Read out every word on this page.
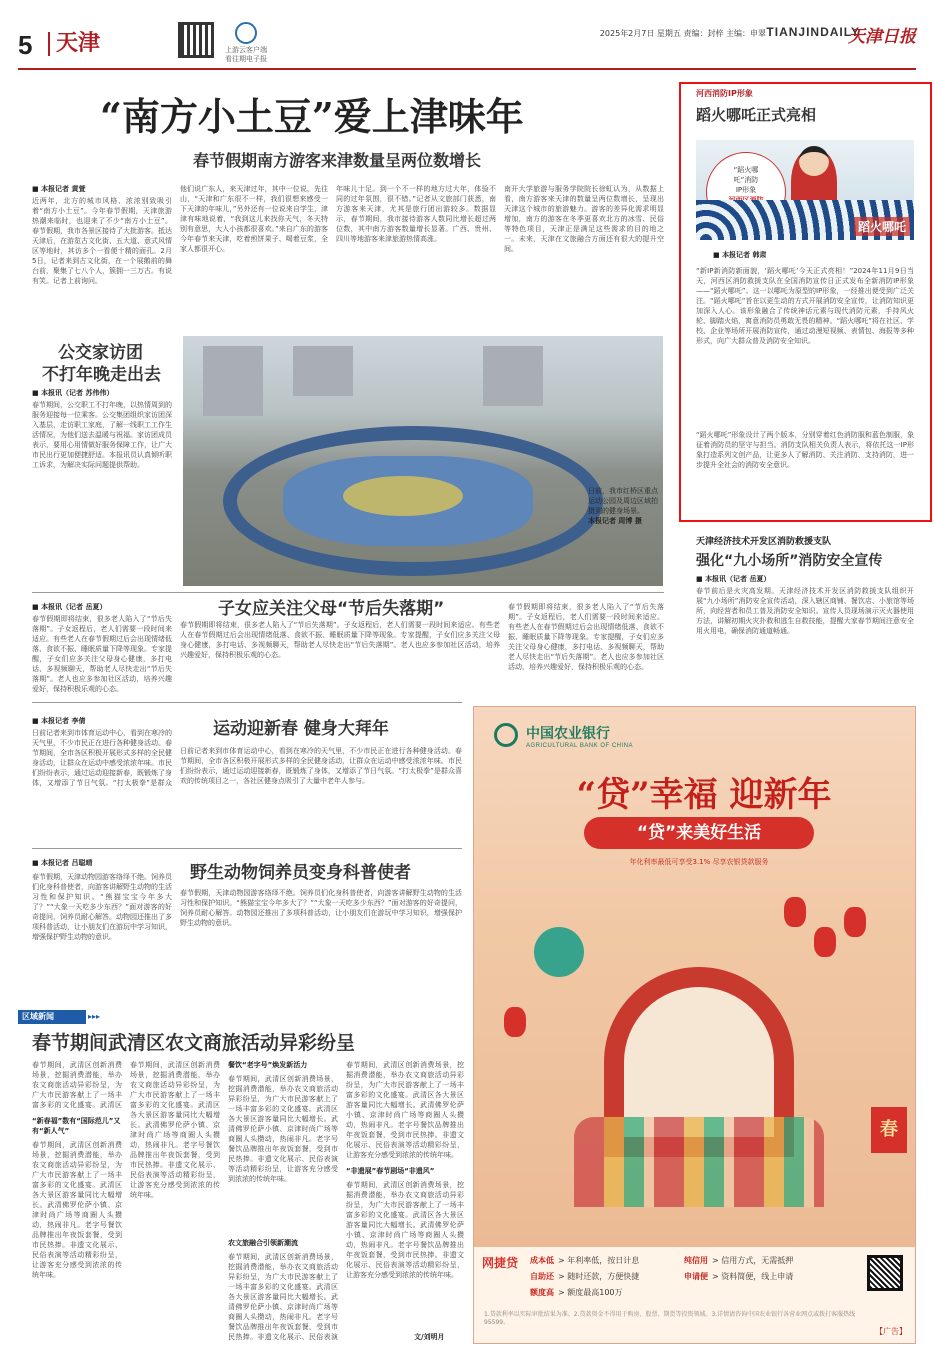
5	天津	上游云客户端
看往期电子报
2025年2月7日 星期五 责编：封梓 主编：申翠 TIANJINDAILY
天津日报
“南方小土豆”爱上津味年
春节假期南方游客来津数量呈两位数增长
■ 本报记者 黄萱
近两年，北方的城市风格、浓浓别致吸引着“南方小土豆”。今年春节假期，天津旅游热潮来临时，也迎来了不少“南方小土豆”。春节假期，我市各景区接待了大批游客。抵达天津后，在游览古文化街、五大道、意式风情区等地时，其访多个一看便十精的面孔。2月5日，记者来到古文化街，在一个展鹅前的舞台前，聚集了七八个人，簇拥一三万古。有说有笑。记者上前询问。
他们说广东人，来天津过年，其中一位说，先往山，“天津和广东很不一样，我们很想来感受一下天津的年味儿，”另外还有一位说来自学生，津津有味地说着，“我到这儿来找你天气，冬天特别有意思，大人小孩都很喜欢。”来自广东的游客今年春节来天津，吃着煎饼果子、喝着豆浆，全家人都很开心。
年味儿十足。到一个不一样的地方过大年，体验不同的过年氛围，很不错。”记者从文旅部门获悉，南方游客来天津，尤其是旅行团出游较多。数据显示，春节期间，我市接待游客人数同比增长超过两位数，其中南方游客数量增长显著。广西、贵州、四川等地游客来津旅游热情高涨。
南开大学旅游与服务学院院长徐虹认为，从数据上看，南方游客来天津的数量呈两位数增长，呈现出天津这个城市的旅游魅力。游客的差异化需求明显增加，南方的游客在冬季更喜欢北方的冰雪、民俗等特色项目，天津正是满足这些需求的目的地之一。未来，天津在文旅融合方面还有很大的提升空间。
日前，我市红桥区重点运动公园及周边区域拍摄到的健身场景。
本报记者 周博 摄
公交家访团
不打年晚走出去
■ 本报讯（记者 苏伟伟）
春节期间，公交职工不打年晚，以热情周到的服务迎接每一位乘客。公交集团组织家访团深入基层，走访职工家庭，了解一线职工工作生活情况，为他们送去温暖与祝福。家访团成员表示，要用心用情做好服务保障工作，让广大市民出行更加便捷舒适。本报讯员认真倾听职工诉求，为解决实际问题提供帮助。
■ 本报讯（记者 岳夏）
春节假期即将结束，很多老人陷入了“节后失落期”。子女返程后，老人们需要一段时间来适应。有些老人在春节假期过后会出现情绪低落、食欲不振、睡眠质量下降等现象。专家提醒，子女们应多关注父母身心健康，多打电话、多视频聊天，帮助老人尽快走出“节后失落期”。老人也应多参加社区活动，培养兴趣爱好，保持积极乐观的心态。
子女应关注父母“节后失落期”
春节假期即将结束，很多老人陷入了“节后失落期”。子女返程后，老人们需要一段时间来适应。有些老人在春节假期过后会出现情绪低落、食欲不振、睡眠质量下降等现象。专家提醒，子女们应多关注父母身心健康，多打电话、多视频聊天，帮助老人尽快走出“节后失落期”。老人也应多参加社区活动，培养兴趣爱好，保持积极乐观的心态。
春节假期即将结束，很多老人陷入了“节后失落期”。子女返程后，老人们需要一段时间来适应。有些老人在春节假期过后会出现情绪低落、食欲不振、睡眠质量下降等现象。专家提醒，子女们应多关注父母身心健康，多打电话、多视频聊天，帮助老人尽快走出“节后失落期”。老人也应多参加社区活动，培养兴趣爱好，保持积极乐观的心态。
■ 本报记者 李倩	运动迎新春 健身大拜年
日前记者来到市体育运动中心，看到在寒冷的天气里，不少市民正在进行各种健身活动。春节期间，全市各区积极开展形式多样的全民健身活动，让群众在运动中感受浓浓年味。市民们纷纷表示，通过运动迎接新春，既锻炼了身体，又增添了节日气氛。“打太极拳”是群众
日前记者来到市体育运动中心，看到在寒冷的天气里，不少市民正在进行各种健身活动。春节期间，全市各区积极开展形式多样的全民健身活动，让群众在运动中感受浓浓年味。市民们纷纷表示，通过运动迎接新春，既锻炼了身体，又增添了节日气氛。“打太极拳”是群众喜欢的传统项目之一，各社区健身点吸引了大量中老年人参与。
■ 本报记者 吕聪晴	野生动物饲养员变身科普使者
春节假期，天津动物园游客络绎不绝。饲养员们化身科普使者，向游客讲解野生动物的生活习性和保护知识。“熊猫宝宝今年多大了？”“大象一天吃多少东西？”面对游客的好奇提问，饲养员耐心解答。动物园还推出了多项科普活动，让小朋友们在游玩中学习知识，增强保护野生动物的意识。
春节假期，天津动物园游客络绎不绝。饲养员们化身科普使者，向游客讲解野生动物的生活习性和保护知识。“熊猫宝宝今年多大了？”“大象一天吃多少东西？”面对游客的好奇提问，饲养员耐心解答。动物园还推出了多项科普活动，让小朋友们在游玩中学习知识，增强保护野生动物的意识。
区域新闻 ▸▸▸
春节期间武清区农文商旅活动异彩纷呈
春节期间，武清区创新消费场景，挖掘消费潜能，举办农文商旅活动异彩纷呈，为广大市民游客献上了一场丰富多彩的文化盛宴。武清区
“新春福”数有“国际范儿”又有“新人气”
春节期间，武清区创新消费场景，挖掘消费潜能，举办农文商旅活动异彩纷呈，为广大市民游客献上了一场丰富多彩的文化盛宴。武清区各大景区游客量同比大幅增长。武清佛罗伦萨小镇、京津时尚广场等商圈人头攒动，热闹非凡。老字号餐饮品牌推出年夜饭套餐，受到市民热捧。非遗文化展示、民俗表演等活动精彩纷呈，让游客充分感受到浓浓的传统年味。
春节期间，武清区创新消费场景，挖掘消费潜能，举办农文商旅活动异彩纷呈，为广大市民游客献上了一场丰富多彩的文化盛宴。武清区各大景区游客量同比大幅增长。武清佛罗伦萨小镇、京津时尚广场等商圈人头攒动，热闹非凡。老字号餐饮品牌推出年夜饭套餐，受到市民热捧。非遗文化展示、民俗表演等活动精彩纷呈，让游客充分感受到浓浓的传统年味。
餐饮“老字号”焕发新活力
春节期间，武清区创新消费场景，挖掘消费潜能，举办农文商旅活动异彩纷呈，为广大市民游客献上了一场丰富多彩的文化盛宴。武清区各大景区游客量同比大幅增长。武清佛罗伦萨小镇、京津时尚广场等商圈人头攒动，热闹非凡。老字号餐饮品牌推出年夜饭套餐，受到市民热捧。非遗文化展示、民俗表演等活动精彩纷呈，让游客充分感受到浓浓的传统年味。
农文旅融合引领新潮流
春节期间，武清区创新消费场景，挖掘消费潜能，举办农文商旅活动异彩纷呈，为广大市民游客献上了一场丰富多彩的文化盛宴。武清区各大景区游客量同比大幅增长。武清佛罗伦萨小镇、京津时尚广场等商圈人头攒动，热闹非凡。老字号餐饮品牌推出年夜饭套餐，受到市民热捧。非遗文化展示、民俗表演
春节期间，武清区创新消费场景，挖掘消费潜能，举办农文商旅活动异彩纷呈，为广大市民游客献上了一场丰富多彩的文化盛宴。武清区各大景区游客量同比大幅增长。武清佛罗伦萨小镇、京津时尚广场等商圈人头攒动，热闹非凡。老字号餐饮品牌推出年夜饭套餐，受到市民热捧。非遗文化展示、民俗表演等活动精彩纷呈，让游客充分感受到浓浓的传统年味。
“非遗展”春节剧场“非遗风”
春节期间，武清区创新消费场景，挖掘消费潜能，举办农文商旅活动异彩纷呈，为广大市民游客献上了一场丰富多彩的文化盛宴。武清区各大景区游客量同比大幅增长。武清佛罗伦萨小镇、京津时尚广场等商圈人头攒动，热闹非凡。老字号餐饮品牌推出年夜饭套餐，受到市民热捧。非遗文化展示、民俗表演等活动精彩纷呈，让游客充分感受到浓浓的传统年味。
文/刘明月
河西消防IP形象
蹈火哪吒正式亮相
“蹈火哪
吒”消防
IP形象
蹈火哪吒
■ 本报记者 韩肃
“新IP新消防新面貌，‘蹈火哪吒’今天正式亮相！”2024年11月9日当天，河西区消防救援支队在全国消防宣传日正式发布全新消防IP形象——“蹈火哪吒”。这一以哪吒为原型的IP形象，一经推出便受到广泛关注。“蹈火哪吒”旨在以更生动的方式开展消防安全宣传，让消防知识更加深入人心。该形象融合了传统神话元素与现代消防元素，手持风火轮、脚踏火焰，寓意消防员勇敢无畏的精神。“蹈火哪吒”将在社区、学校、企业等场所开展消防宣传，通过动漫短视频、表情包、海报等多种形式，向广大群众普及消防安全知识。
“蹈火哪吒”形象设计了两个版本，分别穿着红色消防服和蓝色制服，象征着消防员的坚守与担当。消防支队相关负责人表示，将依托这一IP形象打造系列文创产品，让更多人了解消防、关注消防、支持消防，进一步提升全社会的消防安全意识。
天津经济技术开发区消防救援支队
强化“九小场所”消防安全宣传
■ 本报讯（记者 岳夏）
春节前后是火灾高发期。天津经济技术开发区消防救援支队组织开展“九小场所”消防安全宣传活动，深入辖区商铺、餐饮店、小旅馆等场所，向经营者和员工普及消防安全知识。宣传人员现场演示灭火器使用方法，讲解初期火灾扑救和逃生自救技能，提醒大家春节期间注意安全用火用电，确保消防通道畅通。
中国农业银行
AGRICULTURAL BANK OF CHINA
“贷”幸福 迎新年
“贷”来美好生活
年化利率最低可享受3.1% 尽享农银贷款服务
春
网捷贷 成本低 > 年利率低，按日计息
自助还 > 随时还款，方便快捷
额度高 > 额度最高100万
纯信用 > 信用方式，无需抵押
申请便 > 资料简便，线上申请
1.贷款利率以实际审批结果为准。2.贷款资金不得用于购房、股票、期货等投资领域。3.详情请咨询中国农业银行各营业网点或拨打客服热线95599。
【广告】
